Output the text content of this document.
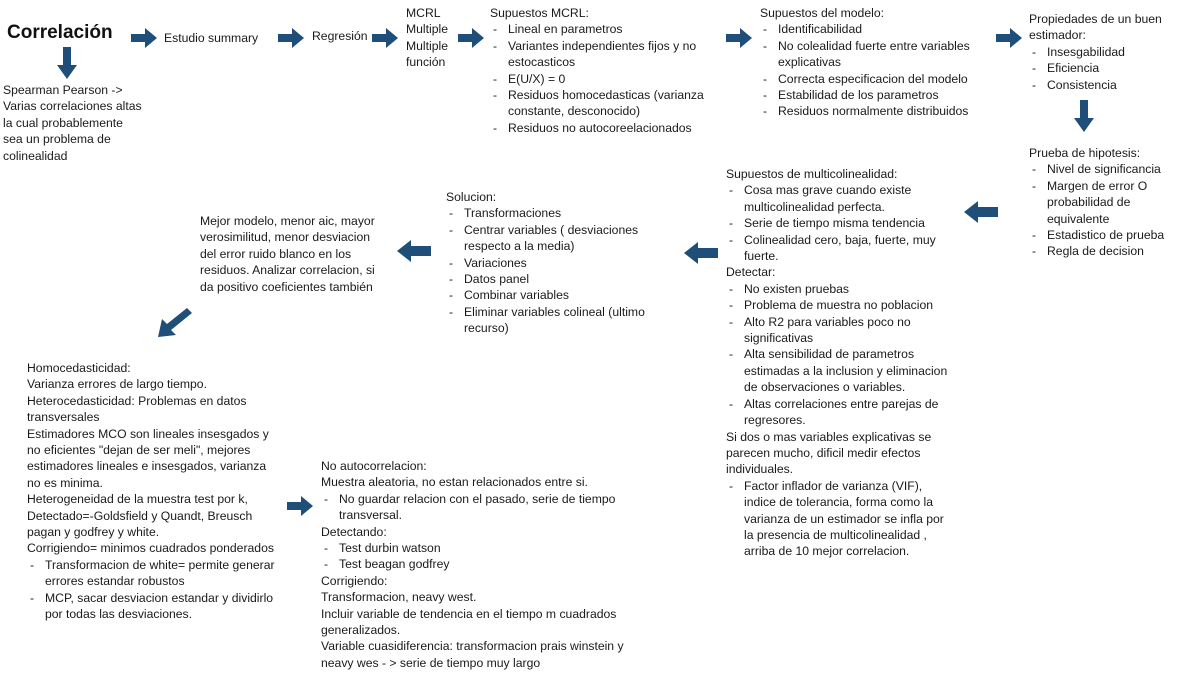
Correlación	Estudio summary	Regresión
MCRL
Multiple
Multiple
función
Supuestos MCRL:
- Lineal en parametros
- Variantes independientes fijos y no estocasticos
- E(U/X) = 0
- Residuos homocedasticas (varianza constante, desconocido)
- Residuos no autocoreelacionados
Supuestos del modelo:
- Identificabilidad
- No colealidad fuerte entre variables explicativas
- Correcta especificacion del modelo
- Estabilidad de los parametros
- Residuos normalmente distribuidos
Propiedades de un buen estimador:
- Insesgabilidad
- Eficiencia
- Consistencia
Prueba de hipotesis:
- Nivel de significancia
- Margen de error O probabilidad de equivalente
- Estadistico de prueba
- Regla de decision
Spearman Pearson -> Varias correlaciones altas la cual probablemente sea un problema de colinealidad
Supuestos de multicolinealidad:
- Cosa mas grave cuando existe multicolinealidad perfecta.
- Serie de tiempo misma tendencia
- Colinealidad cero, baja, fuerte, muy fuerte.
Detectar:
- No existen pruebas
- Problema de muestra no poblacion
- Alto R2 para variables poco no significativas
- Alta sensibilidad de parametros estimadas a la inclusion y eliminacion de observaciones o variables.
- Altas correlaciones entre parejas de regresores.
Si dos o mas variables explicativas se parecen mucho, dificil medir efectos individuales.
- Factor inflador de varianza (VIF), indice de tolerancia, forma como la varianza de un estimador se infla por la presencia de multicolinealidad , arriba de 10 mejor correlacion.
Solucion:
- Transformaciones
- Centrar variables ( desviaciones respecto a la media)
- Variaciones
- Datos panel
- Combinar variables
- Eliminar variables colineal (ultimo recurso)
Mejor modelo, menor aic, mayor verosimilitud, menor desviacion del error ruido blanco en los residuos. Analizar correlacion, si da positivo coeficientes también
Homocedasticidad:
Varianza errores de largo tiempo.
Heterocedasticidad: Problemas en datos transversales
Estimadores MCO son lineales insesgados y no eficientes "dejan de ser meli", mejores estimadores lineales e insesgados, varianza no es minima.
Heterogeneidad de la muestra test por k, Detectado=-Goldsfield y Quandt, Breusch pagan y godfrey y white.
Corrigiendo= minimos cuadrados ponderados
- Transformacion de white= permite generar errores estandar robustos
- MCP, sacar desviacion estandar y dividirlo por todas las desviaciones.
No autocorrelacion:
Muestra aleatoria, no estan relacionados entre si.
- No guardar relacion con el pasado, serie de tiempo transversal.
Detectando:
- Test durbin watson
- Test beagan godfrey
Corrigiendo:
Transformacion, neavy west.
Incluir variable de tendencia en el tiempo m cuadrados generalizados.
Variable cuasidiferencia: transformacion prais winstein y neavy wes - > serie de tiempo muy largo
